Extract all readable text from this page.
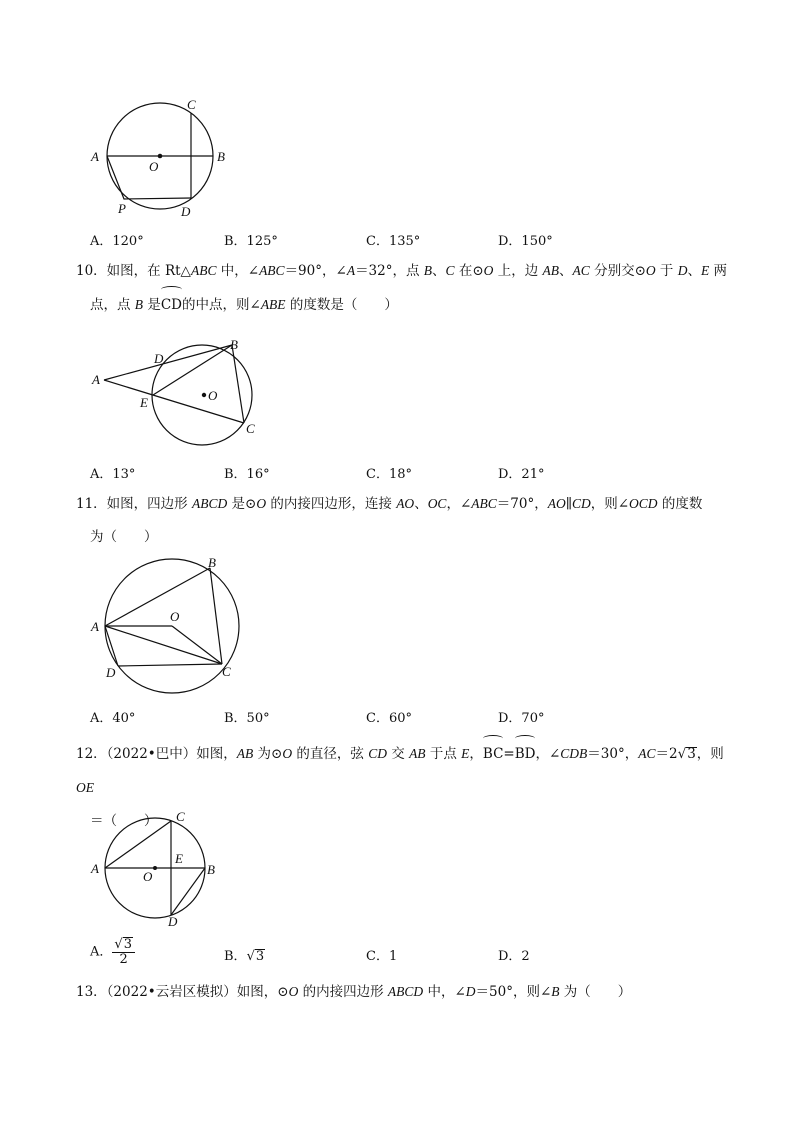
A	B
C
D
O
P
A．120°	B．125°	C．135°	D．150°

10．如图，在 Rt△ABC 中，∠ABC＝90°，∠A＝32°，点 B、C 在⊙O 上，边 AB、AC 分别交⊙O 于 D、E 两

点，点 B 是CD的中点，则∠ABE 的度数是（　　）

A
B
C
D
E	O
A．13°	B．16°	C．18°	D．21°

11．如图，四边形 ABCD 是⊙O 的内接四边形，连接 AO、OC，∠ABC＝70°，AO∥CD，则∠OCD 的度数

为（　　）

A
B
C
D
O
A．40°	B．50°	C．60°	D．70°

12．（2022•巴中）如图，AB 为⊙O 的直径，弦 CD 交 AB 于点 E，BC=BD，∠CDB＝30°，AC＝2√3，则 OE

＝（　　）

A	B
C
D
E
O
A． $\frac{√3}{2}$	B．√3	C．1	D．2

13．（2022•云岩区模拟）如图，⊙O 的内接四边形 ABCD 中，∠D＝50°，则∠B 为（　　）
